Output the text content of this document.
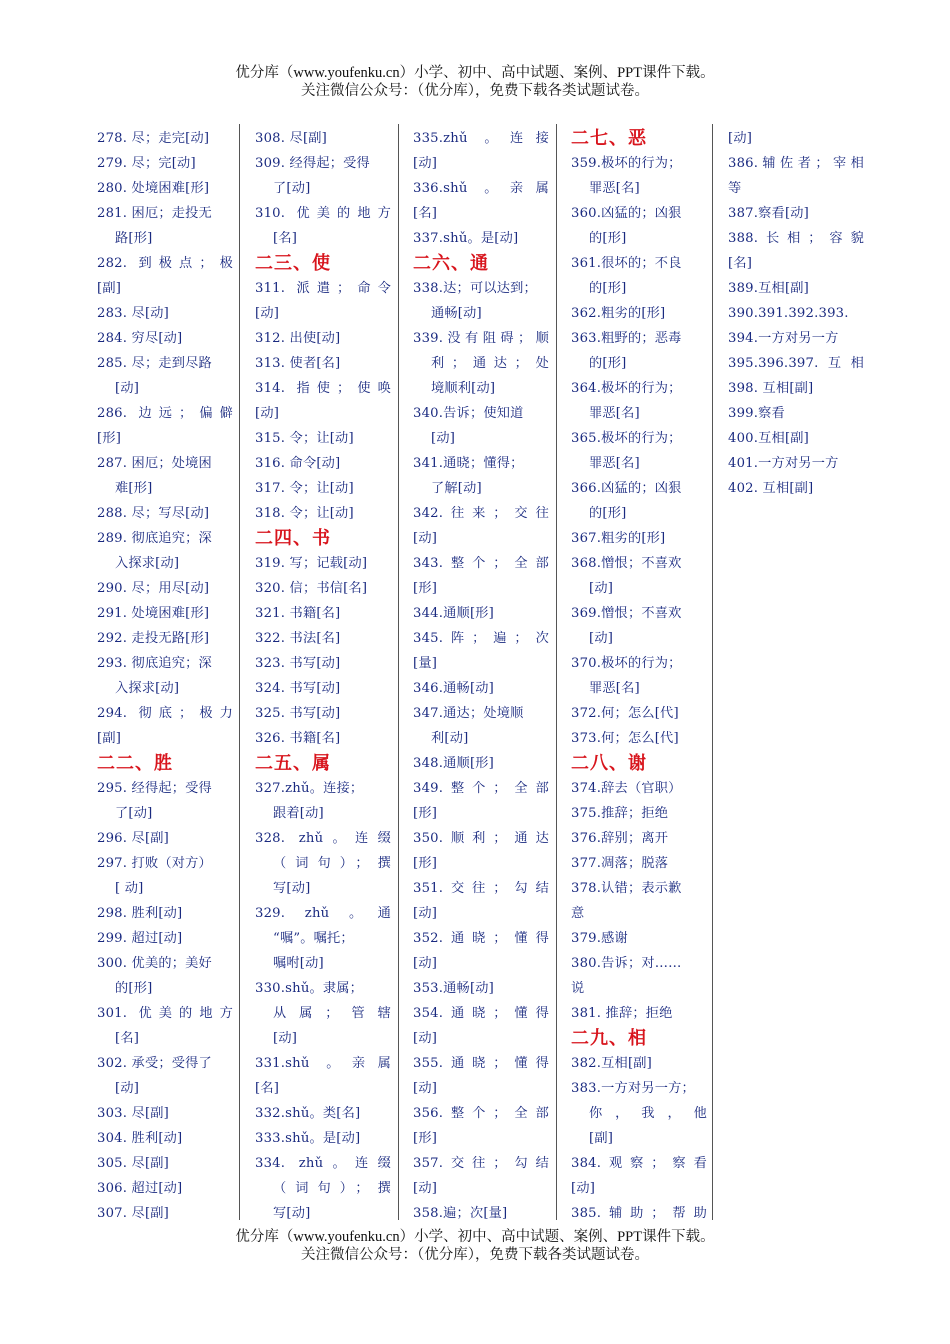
优分库（www.youfenku.cn）小学、初中、高中试题、案例、PPT课件下载。
关注微信公众号：（优分库），免费下载各类试题试卷。
278. 尽；走完[动]
279. 尽；完[动]
280. 处境困难[形]
281. 困厄；走投无
路[形]
282. 到极点；极
[副]
283. 尽[动]
284. 穷尽[动]
285. 尽；走到尽路
[动]
286. 边远；偏僻
[形]
287. 困厄；处境困
难[形]
288. 尽；写尽[动]
289. 彻底追究；深
入探求[动]
290. 尽；用尽[动]
291. 处境困难[形]
292. 走投无路[形]
293. 彻底追究；深
入探求[动]
294. 彻底；极力
[副]
二二、胜
295. 经得起；受得
了[动]
296. 尽[副]
297. 打败（对方）
[ 动]
298. 胜利[动]
299. 超过[动]
300. 优美的；美好
的[形]
301. 优美的地方
[名]
302. 承受；受得了
[动]
303. 尽[副]
304. 胜利[动]
305. 尽[副]
306. 超过[动]
307. 尽[副]
308. 尽[副]
309. 经得起；受得
了[动]
310. 优美的地方
[名]
二三、使
311. 派遣；命令
[动]
312. 出使[动]
313. 使者[名]
314. 指使；使唤
[动]
315. 令；让[动]
316. 命令[动]
317. 令；让[动]
318. 令；让[动]
二四、书
319. 写；记载[动]
320. 信；书信[名]
321. 书籍[名]
322. 书法[名]
323. 书写[动]
324. 书写[动]
325. 书写[动]
326. 书籍[名]
二五、属
327.zhǔ。连接；
跟着[动]
328. zhǔ。连缀
（词句）；撰
写[动]
329. zhǔ 。通
“嘱”。嘱托；
嘱咐[动]
330.shǔ。隶属；
从属；管辖
[动]
331.shǔ 。亲属
[名]
332.shǔ。类[名]
333.shǔ。是[动]
334. zhǔ。连缀
（词句）；撰
写[动]
335.zhǔ 。连接
[动]
336.shǔ 。亲属
[名]
337.shǔ。是[动]
二六、通
338.达；可以达到；
通畅[动]
339.没有阻碍；顺
利；通达；处
境顺利[动]
340.告诉；使知道
[动]
341.通晓；懂得；
了解[动]
342.往来；交往
[动]
343.整个；全部
[形]
344.通顺[形]
345.阵；遍；次
[量]
346.通畅[动]
347.通达；处境顺
利[动]
348.通顺[形]
349.整个；全部
[形]
350.顺利；通达
[形]
351.交往；勾结
[动]
352.通晓；懂得
[动]
353.通畅[动]
354.通晓；懂得
[动]
355.通晓；懂得
[动]
356.整个；全部
[形]
357.交往；勾结
[动]
358.遍；次[量]
二七、恶
359.极坏的行为；
罪恶[名]
360.凶猛的；凶狠
的[形]
361.很坏的；不良
的[形]
362.粗劣的[形]
363.粗野的；恶毒
的[形]
364.极坏的行为；
罪恶[名]
365.极坏的行为；
罪恶[名]
366.凶猛的；凶狠
的[形]
367.粗劣的[形]
368.憎恨；不喜欢
[动]
369.憎恨；不喜欢
[动]
370.极坏的行为；
罪恶[名]
372.何；怎么[代]
373.何；怎么[代]
二八、谢
374.辞去（官职）
375.推辞；拒绝
376.辞别；离开
377.凋落；脱落
378.认错；表示歉
意
379.感谢
380.告诉；对……
说
381. 推辞；拒绝
二九、相
382.互相[副]
383.一方对另一方；
你，我，他
[副]
384.观察；察看
[动]
385.辅助；帮助
[动]
386.辅佐者；宰相
等
387.察看[动]
388.长相；容貌
[名]
389.互相[副]
390.391.392.393.
394.一方对另一方
395.396.397.互相
398. 互相[副]
399.察看
400.互相[副]
401.一方对另一方
402. 互相[副]
优分库（www.youfenku.cn）小学、初中、高中试题、案例、PPT课件下载。
关注微信公众号：（优分库），免费下载各类试题试卷。
